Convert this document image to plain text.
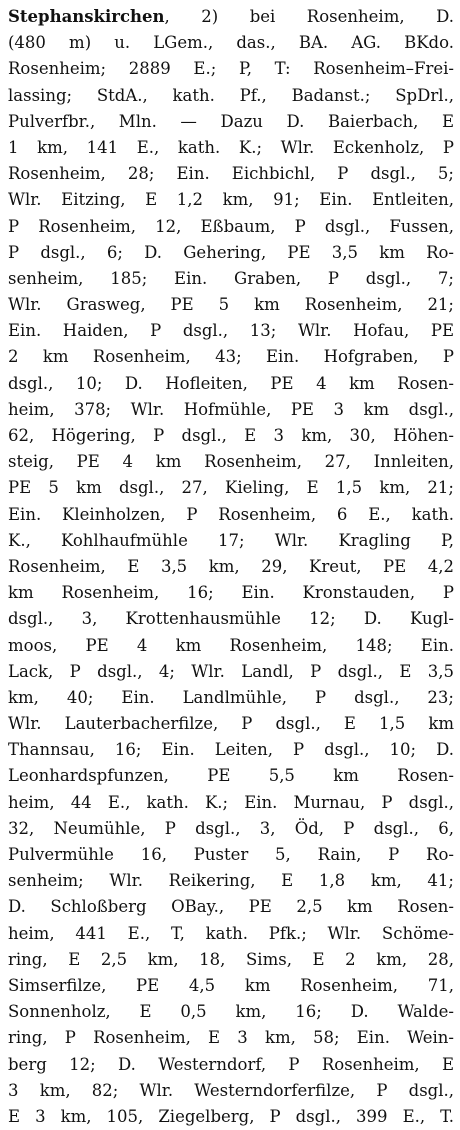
Stephanskirchen, 2) bei Rosenheim, D.
(480 m) u. LGem., das., BA. AG. BKdo.
Rosenheim; 2889 E.; P, T: Rosenheim–Frei-
lassing; StdA., kath. Pf., Badanst.; SpDrl.,
Pulverfbr., Mln. — Dazu D. Baierbach, E
1 km, 141 E., kath. K.; Wlr. Eckenholz, P
Rosenheim, 28; Ein. Eichbichl, P dsgl., 5;
Wlr. Eitzing, E 1,2 km, 91; Ein. Entleiten,
P Rosenheim, 12, Eßbaum, P dsgl., Fussen,
P dsgl., 6; D. Gehering, PE 3,5 km Ro-
senheim, 185; Ein. Graben, P dsgl., 7;
Wlr. Grasweg, PE 5 km Rosenheim, 21;
Ein. Haiden, P dsgl., 13; Wlr. Hofau, PE
2 km Rosenheim, 43; Ein. Hofgraben, P
dsgl., 10; D. Hofleiten, PE 4 km Rosen-
heim, 378; Wlr. Hofmühle, PE 3 km dsgl.,
62, Högering, P dsgl., E 3 km, 30, Höhen-
steig, PE 4 km Rosenheim, 27, Innleiten,
PE 5 km dsgl., 27, Kieling, E 1,5 km, 21;
Ein. Kleinholzen, P Rosenheim, 6 E., kath.
K., Kohlhaufmühle 17; Wlr. Kragling P,
Rosenheim, E 3,5 km, 29, Kreut, PE 4,2
km Rosenheim, 16; Ein. Kronstauden, P
dsgl., 3, Krottenhausmühle 12; D. Kugl-
moos, PE 4 km Rosenheim, 148; Ein.
Lack, P dsgl., 4; Wlr. Landl, P dsgl., E 3,5
km, 40; Ein. Landlmühle, P dsgl., 23;
Wlr. Lauterbacherfilze, P dsgl., E 1,5 km
Thannsau, 16; Ein. Leiten, P dsgl., 10; D.
Leonhardspfunzen, PE 5,5 km Rosen-
heim, 44 E., kath. K.; Ein. Murnau, P dsgl.,
32, Neumühle, P dsgl., 3, Öd, P dsgl., 6,
Pulvermühle 16, Puster 5, Rain, P Ro-
senheim; Wlr. Reikering, E 1,8 km, 41;
D. Schloßberg OBay., PE 2,5 km Rosen-
heim, 441 E., T, kath. Pfk.; Wlr. Schöme-
ring, E 2,5 km, 18, Sims, E 2 km, 28,
Simserfilze, PE 4,5 km Rosenheim, 71,
Sonnenholz, E 0,5 km, 16; D. Waldе-
ring, P Rosenheim, E 3 km, 58; Ein. Wein-
berg 12; D. Westerndorf, P Rosenheim, E
3 km, 82; Wlr. Westerndorferfilze, P dsgl.,
E 3 km, 105, Ziegelberg, P dsgl., 399 E., T.
